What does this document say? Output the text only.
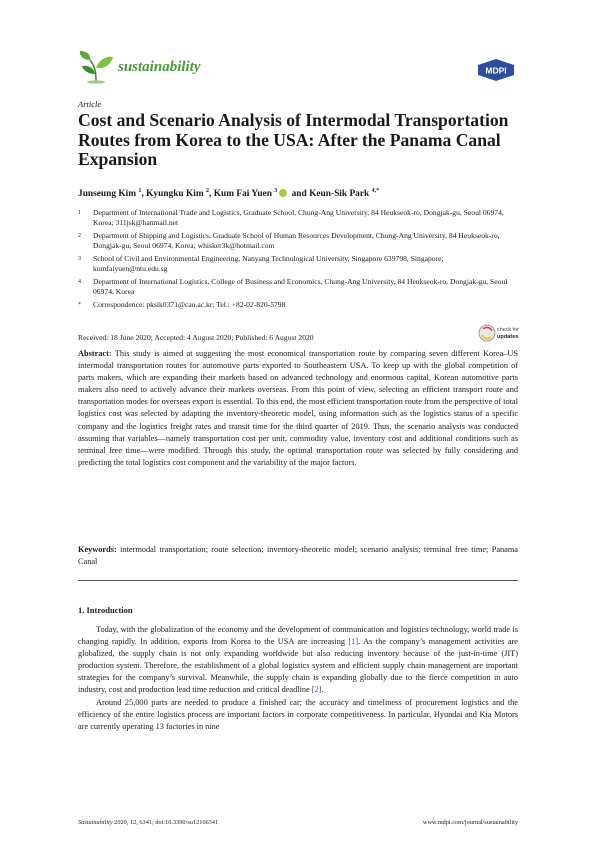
sustainability	MDPI
Article
Cost and Scenario Analysis of Intermodal Transportation Routes from Korea to the USA: After the Panama Canal Expansion
Junseung Kim $^1$, Kyungku Kim $^2$, Kum Fai Yuen $^3$ and Keun-Sik Park $^{4,*}$
1	Department of International Trade and Logistics, Graduate School, Chung-Ang University, 84 Heukseok-ro, Dongjak-gu, Seoul 06974, Korea; 311jsk@hanmail.net
2	Department of Shipping and Logistics, Graduate School of Human Resources Development, Chung-Ang University, 84 Heukseok-ro, Dongjak-gu, Seoul 06974, Korea; whisker3k@hotmail.com
3	School of Civil and Environmental Engineering, Nanyang Technological University, Singapore 639798, Singapore; kumfaiyuen@ntu.edu.sg
4	Department of International Logistics, College of Business and Economics, Chung-Ang University, 84 Heukseok-ro, Dongjak-gu, Seoul 06974, Korea
*	Correspondence: pksik0371@cau.ac.kr; Tel.: +82-02-820-5798
Received: 18 June 2020; Accepted: 4 August 2020; Published: 6 August 2020
check for
updates

Abstract: This study is aimed at suggesting the most economical transportation route by comparing seven different Korea–US intermodal transportation routes for automotive parts exported to Southeastern USA. To keep up with the global competition of parts makers, which are expanding their markets based on advanced technology and enormous capital, Korean automotive parts makers also need to actively advance their markets overseas. From this point of view, selecting an efficient transport route and transportation modes for overseas export is essential. To this end, the most efficient transportation route from the perspective of total logistics cost was selected by adapting the inventory-theoretic model, using information such as the logistics status of a specific company and the logistics freight rates and transit time for the third quarter of 2019. Thus, the scenario analysis was conducted assuming that variables—namely transportation cost per unit, commodity value, inventory cost and additional conditions such as terminal free time—were modified. Through this study, the optimal transportation route was selected by fully considering and predicting the total logistics cost component and the variability of the major factors.

Keywords: intermodal transportation; route selection; inventory-theoretic model; scenario analysis; terminal free time; Panama Canal

1. Introduction

Today, with the globalization of the economy and the development of communication and logistics technology, world trade is changing rapidly. In addition, exports from Korea to the USA are increasing [1]. As the company’s management activities are globalized, the supply chain is not only expanding worldwide but also reducing inventory because of the just-in-time (JIT) production system. Therefore, the establishment of a global logistics system and efficient supply chain management are important strategies for the company’s survival. Meanwhile, the supply chain is expanding globally due to the fierce competition in auto industry, cost and production lead time reduction and critical deadline [2].

Around 25,000 parts are needed to produce a finished car; the accuracy and timeliness of procurement logistics and the efficiency of the entire logistics process are important factors in corporate competitiveness. In particular, Hyundai and Kia Motors are currently operating 13 factories in nine

Sustainability 2020, 12, 6341; doi:10.3390/su12166341	www.mdpi.com/journal/sustainability
